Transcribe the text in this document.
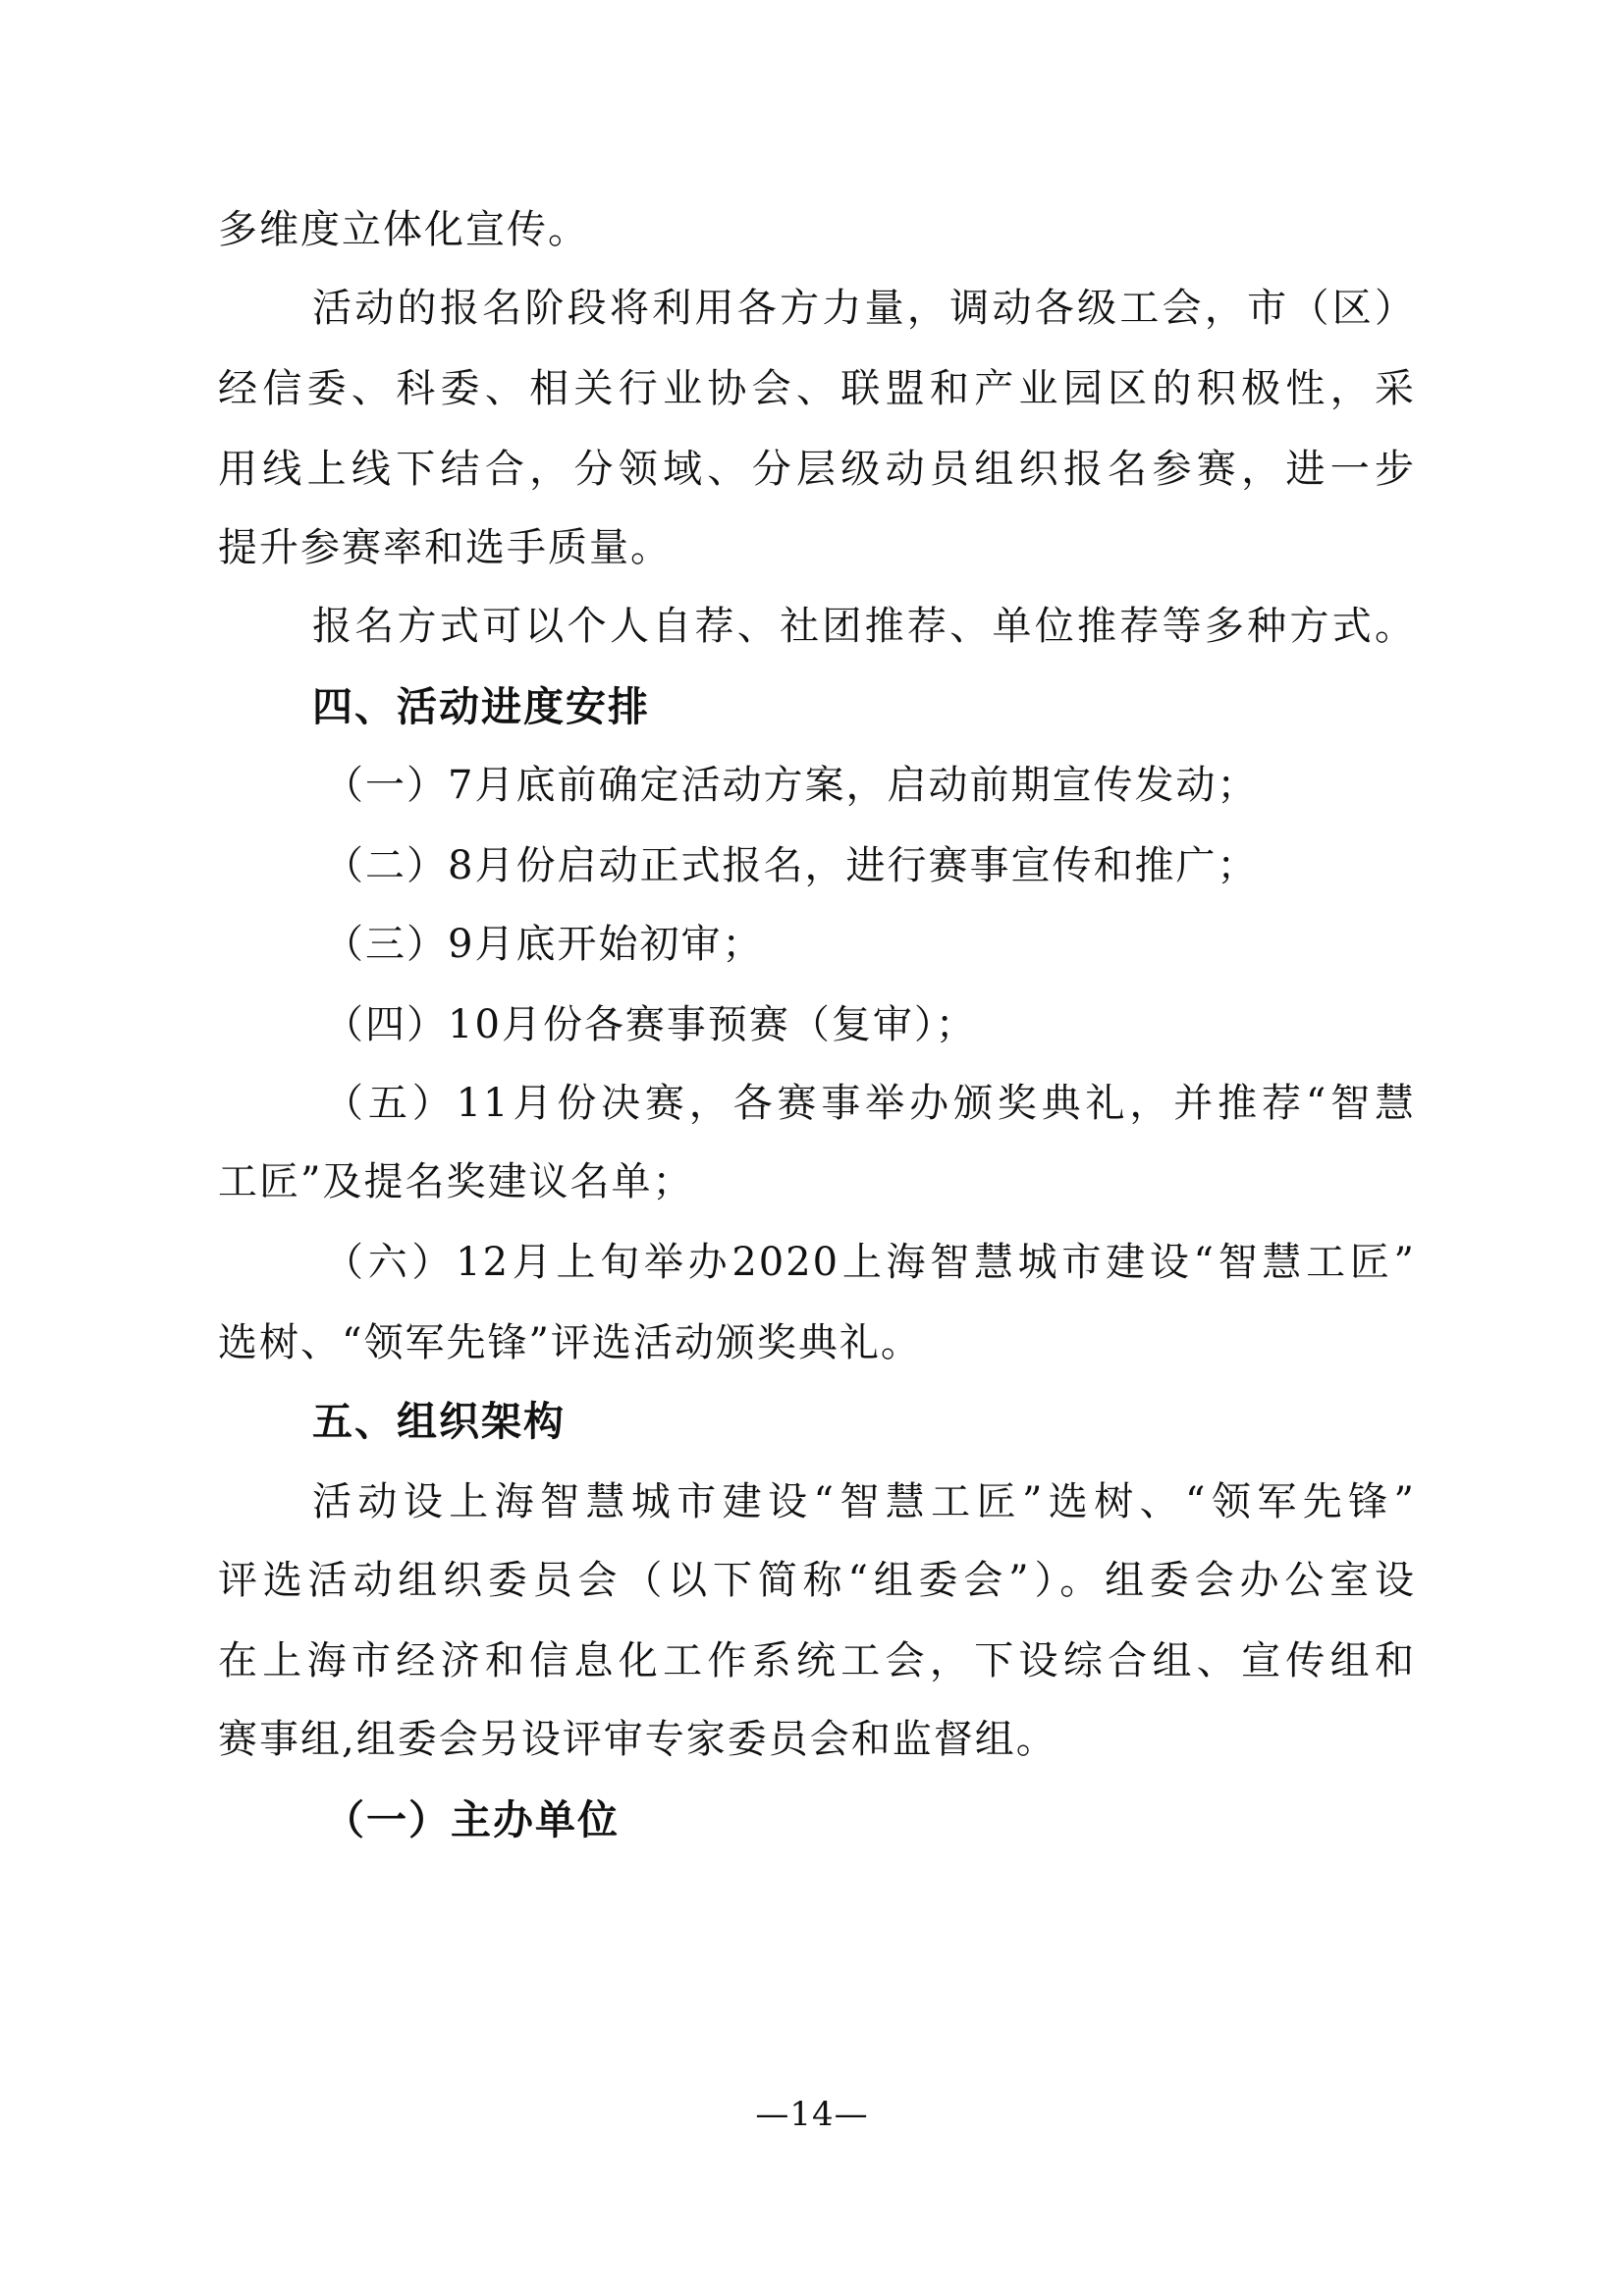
多维度立体化宣传。
活动的报名阶段将利用各方力量，调动各级工会，市（区）
经信委、科委、相关行业协会、联盟和产业园区的积极性，采
用线上线下结合，分领域、分层级动员组织报名参赛，进一步
提升参赛率和选手质量。
报名方式可以个人自荐、社团推荐、单位推荐等多种方式。
四、活动进度安排
（一）7月底前确定活动方案，启动前期宣传发动；
（二）8月份启动正式报名，进行赛事宣传和推广；
（三）9月底开始初审；
（四）10月份各赛事预赛（复审）；
（五）11月份决赛，各赛事举办颁奖典礼，并推荐“智慧
工匠”及提名奖建议名单；
（六）12月上旬举办2020上海智慧城市建设“智慧工匠”
选树、“领军先锋”评选活动颁奖典礼。
五、组织架构
活动设上海智慧城市建设“智慧工匠”选树、“领军先锋”
评选活动组织委员会（以下简称“组委会”）。组委会办公室设
在上海市经济和信息化工作系统工会，下设综合组、宣传组和
赛事组,组委会另设评审专家委员会和监督组。
（一）主办单位
—14—
